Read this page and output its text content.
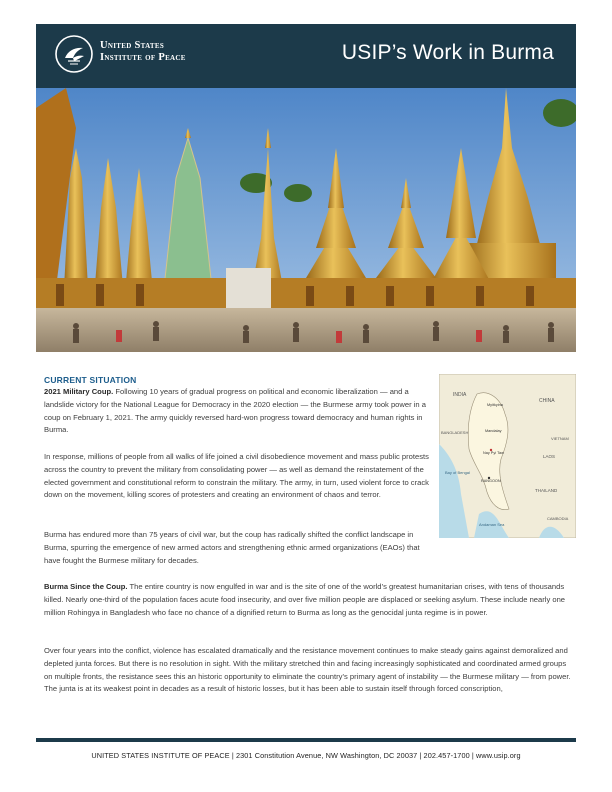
United States
Institute of Peace	USIP’s Work in Burma
INDIA
CHINA
BANGLADESH
VIETNAM
LAOS
THAILAND
CAMBODIA
Bay of Bengal
Andaman Sea
Nay Pyi Taw
RANGOON
Mandalay
Myitkyina
CURRENT SITUATION

2021 Military Coup. Following 10 years of gradual progress on political and economic liberalization — and a landslide victory for the National League for Democracy in the 2020 election — the Burmese army took power in a coup on February 1, 2021. The army quickly reversed hard-won progress toward democracy and human rights in Burma.

In response, millions of people from all walks of life joined a civil disobedience movement and mass public protests across the country to prevent the military from consolidating power — as well as demand the reinstatement of the elected government and constitutional reform to constrain the military. The army, in turn, used violent force to crack down on the movement, killing scores of protesters and creating an environment of chaos and terror.

Burma has endured more than 75 years of civil war, but the coup has radically shifted the conflict landscape in Burma, spurring the emergence of new armed actors and strengthening ethnic armed organizations (EAOs) that have fought the Burmese military for decades.

Burma Since the Coup. The entire country is now engulfed in war and is the site of one of the world’s greatest humanitarian crises, with tens of thousands killed. Nearly one-third of the population faces acute food insecurity, and over five million people are displaced or seeking asylum. These include nearly one million Rohingya in Bangladesh who face no chance of a dignified return to Burma as long as the genocidal junta regime is in power.

Over four years into the conflict, violence has escalated dramatically and the resistance movement continues to make steady gains against demoralized and depleted junta forces. But there is no resolution in sight. With the military stretched thin and facing increasingly sophisticated and coordinated armed groups on multiple fronts, the resistance sees this an historic opportunity to eliminate the country’s primary agent of instability — the Burmese military — from power. The junta is at its weakest point in decades as a result of historic losses, but it has been able to sustain itself through forced conscription,

UNITED STATES INSTITUTE OF PEACE | 2301 Constitution Avenue, NW Washington, DC 20037 | 202.457-1700 | www.usip.org
